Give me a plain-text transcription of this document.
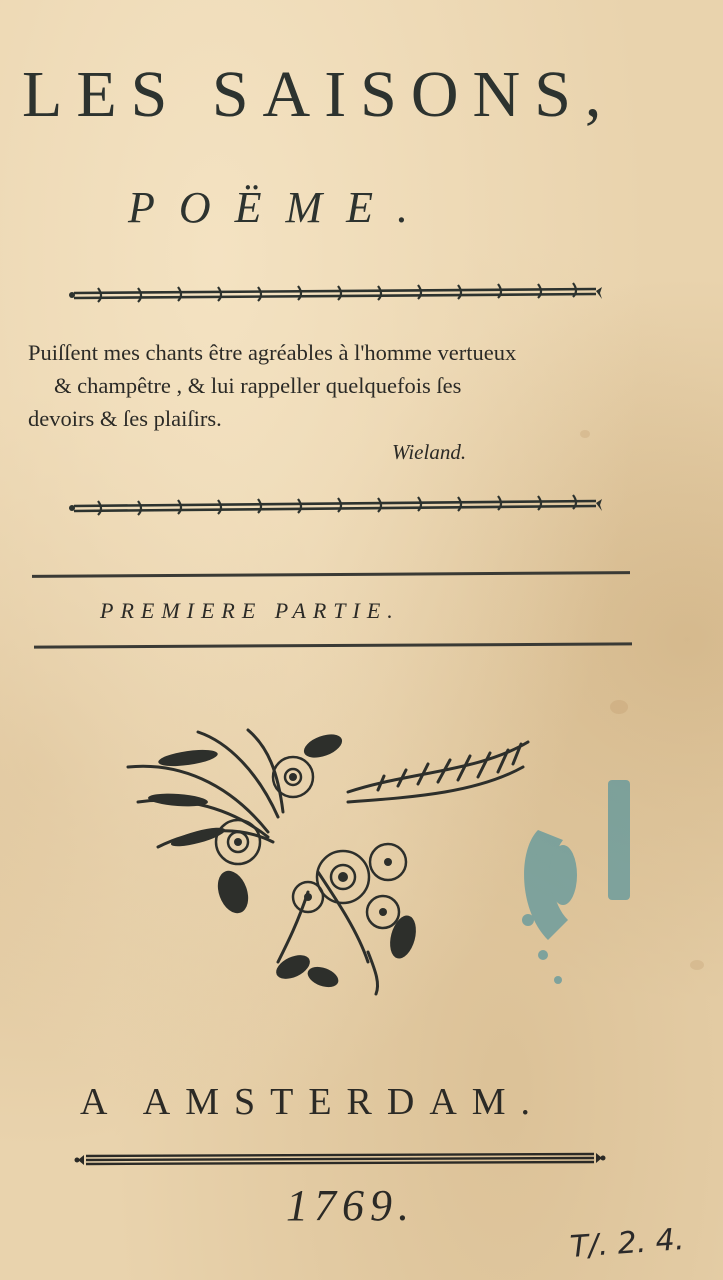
LES SAISONS,
POËME.
Puiſſent mes chants être agréables à l'homme vertueux
& champêtre , & lui rappeller quelquefois ſes
devoirs & ſes plaiſirs.
Wieland.
PREMIERE PARTIE.
A AMSTERDAM.
1769.
T/. 2. 4.
